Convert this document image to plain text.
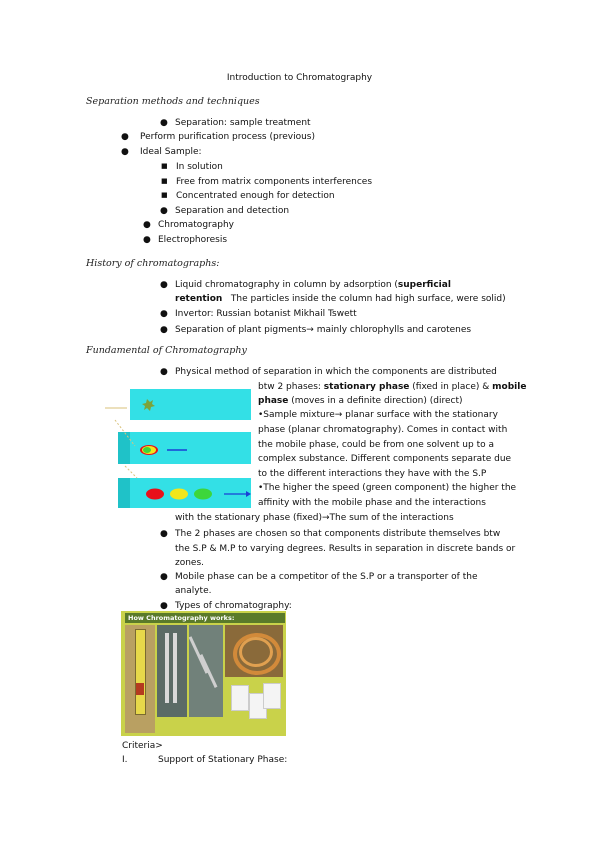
Introduction to Chromatography
Separation methods and techniques
● Separation: sample treatment
● Perform purification process (previous)
● Ideal Sample:
■ In solution
■ Free from matrix components interferences
■ Concentrated enough for detection
● Separation and detection
● Chromatography
● Electrophoresis
History of chromatographs:
● Liquid chromatography in column by adsorption (superficial
retention   The particles inside the column had high surface, were solid)
● Invertor: Russian botanist Mikhail Tswett
● Separation of plant pigments→ mainly chlorophylls and carotenes
Fundamental of Chromatography
● Physical method of separation in which the components are distributed
btw 2 phases: stationary phase (fixed in place) & mobile
phase (moves in a definite direction) (direct)
•Sample mixture→ planar surface with the stationary phase (planar chromatography). Comes in contact with the mobile phase, could be from one solvent up to a complex substance. Different components separate due to the different interactions they have with the S.P
•The higher the speed (green component) the higher the affinity with the mobile phase and the interactions
with the stationary phase (fixed)→The sum of the interactions
● The 2 phases are chosen so that components distribute themselves btw
the S.P & M.P to varying degrees. Results in separation in discrete bands or
zones.
● Mobile phase can be a competitor of the S.P or a transporter of the
analyte.
● Types of chromatography:
How Chromatography works:
Criteria>
I.	Support of Stationary Phase:
